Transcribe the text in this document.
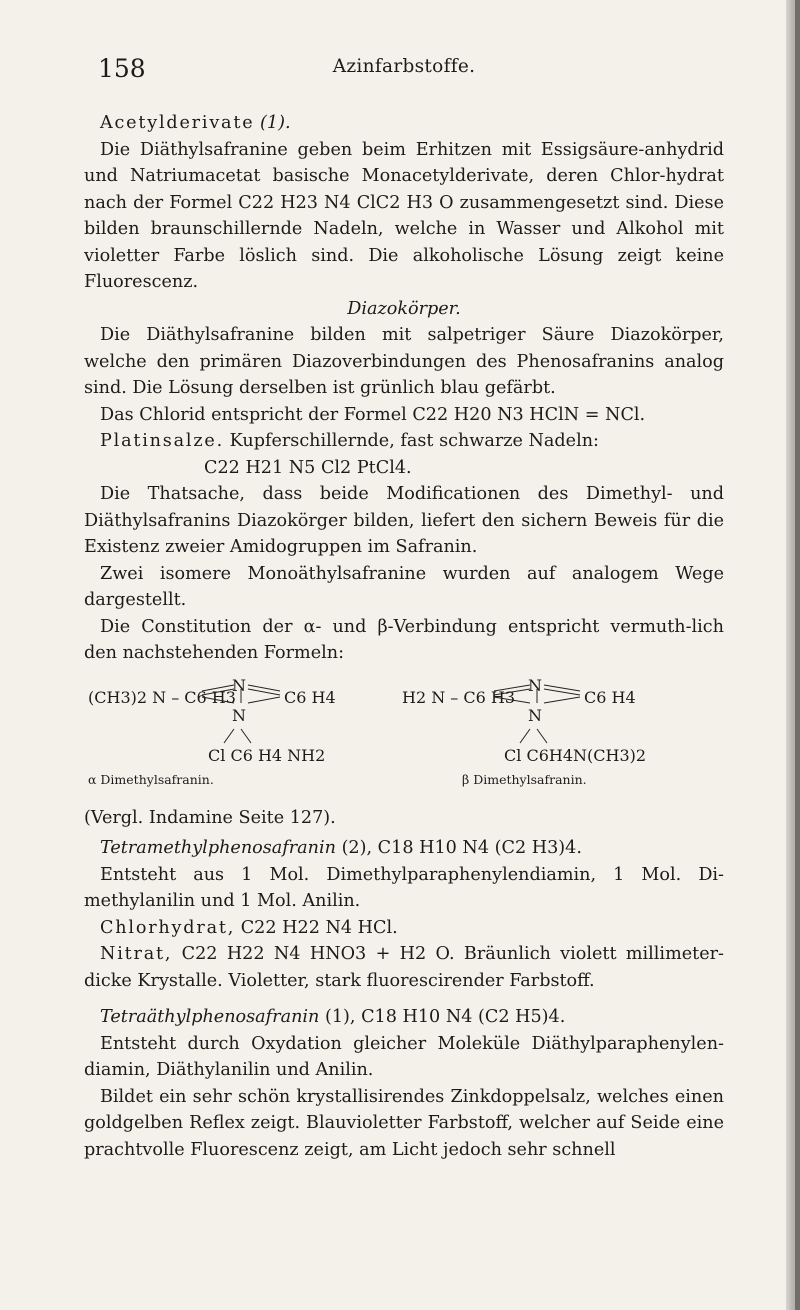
158	Azinfarbstoffe.

Acetylderivate (1).

Die Diäthylsafranine geben beim Erhitzen mit Essigsäure-anhydrid und Natriumacetat basische Monacetylderivate, deren Chlor-hydrat nach der Formel C22 H23 N4 ClC2 H3 O zusammengesetzt sind. Diese bilden braunschillernde Nadeln, welche in Wasser und Alkohol mit violetter Farbe löslich sind. Die alkoholische Lösung zeigt keine Fluorescenz.

Diazokörper.

Die Diäthylsafranine bilden mit salpetriger Säure Diazokörper, welche den primären Diazoverbindungen des Phenosafranins analog sind. Die Lösung derselben ist grünlich blau gefärbt.

Das Chlorid entspricht der Formel C22 H20 N3 HClN = NCl.

Platinsalze. Kupferschillernde, fast schwarze Nadeln:

C22 H21 N5 Cl2 PtCl4.

Die Thatsache, dass beide Modificationen des Dimethyl- und Diäthylsafranins Diazokörger bilden, liefert den sichern Beweis für die Existenz zweier Amidogruppen im Safranin.

Zwei isomere Monoäthylsafranine wurden auf analogem Wege dargestellt.

Die Constitution der α- und β-Verbindung entspricht vermuth-lich den nachstehenden Formeln:

N
(CH3)2 N – C6 H3	C6 H4
N
Cl C6 H4 NH2
α Dimethylsafranin.
N
H2 N – C6 H3	C6 H4
N
Cl C6H4N(CH3)2
β Dimethylsafranin.

(Vergl. Indamine Seite 127).

Tetramethylphenosafranin (2), C18 H10 N4 (C2 H3)4.

Entsteht aus 1 Mol. Dimethylparaphenylendiamin, 1 Mol. Di-methylanilin und 1 Mol. Anilin.

Chlorhydrat, C22 H22 N4 HCl.

Nitrat, C22 H22 N4 HNO3 + H2 O. Bräunlich violett millimeter-dicke Krystalle. Violetter, stark fluorescirender Farbstoff.

Tetraäthylphenosafranin (1), C18 H10 N4 (C2 H5)4.

Entsteht durch Oxydation gleicher Moleküle Diäthylparaphenylen-diamin, Diäthylanilin und Anilin.

Bildet ein sehr schön krystallisirendes Zinkdoppelsalz, welches einen goldgelben Reflex zeigt. Blauvioletter Farbstoff, welcher auf Seide eine prachtvolle Fluorescenz zeigt, am Licht jedoch sehr schnell
